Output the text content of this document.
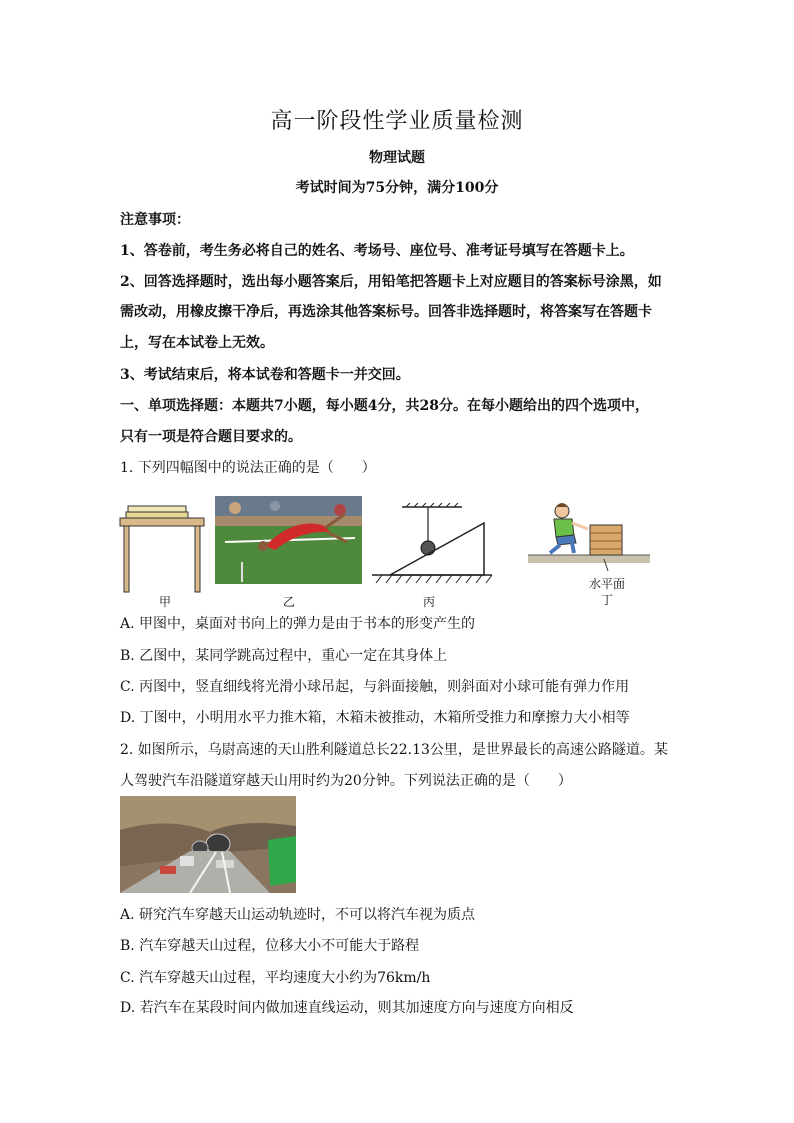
高一阶段性学业质量检测
物理试题
考试时间为75分钟，满分100分
注意事项：
1、答卷前，考生务必将自己的姓名、考场号、座位号、准考证号填写在答题卡上。
2、回答选择题时，选出每小题答案后，用铅笔把答题卡上对应题目的答案标号涂黑，如
需改动，用橡皮擦干净后，再选涂其他答案标号。回答非选择题时，将答案写在答题卡
上，写在本试卷上无效。
3、考试结束后，将本试卷和答题卡一并交回。
一、单项选择题：本题共7小题，每小题4分，共28分。在每小题给出的四个选项中，
只有一项是符合题目要求的。
1. 下列四幅图中的说法正确的是（　　）
甲	乙	丙
水平面
丁
A. 甲图中，桌面对书向上的弹力是由于书本的形变产生的
B. 乙图中，某同学跳高过程中，重心一定在其身体上
C. 丙图中，竖直细线将光滑小球吊起，与斜面接触，则斜面对小球可能有弹力作用
D. 丁图中，小明用水平力推木箱，木箱未被推动，木箱所受推力和摩擦力大小相等
2. 如图所示，乌尉高速的天山胜利隧道总长22.13公里，是世界最长的高速公路隧道。某
人驾驶汽车沿隧道穿越天山用时约为20分钟。下列说法正确的是（　　）
A. 研究汽车穿越天山运动轨迹时，不可以将汽车视为质点
B. 汽车穿越天山过程，位移大小不可能大于路程
C. 汽车穿越天山过程，平均速度大小约为76km/h
D. 若汽车在某段时间内做加速直线运动，则其加速度方向与速度方向相反
